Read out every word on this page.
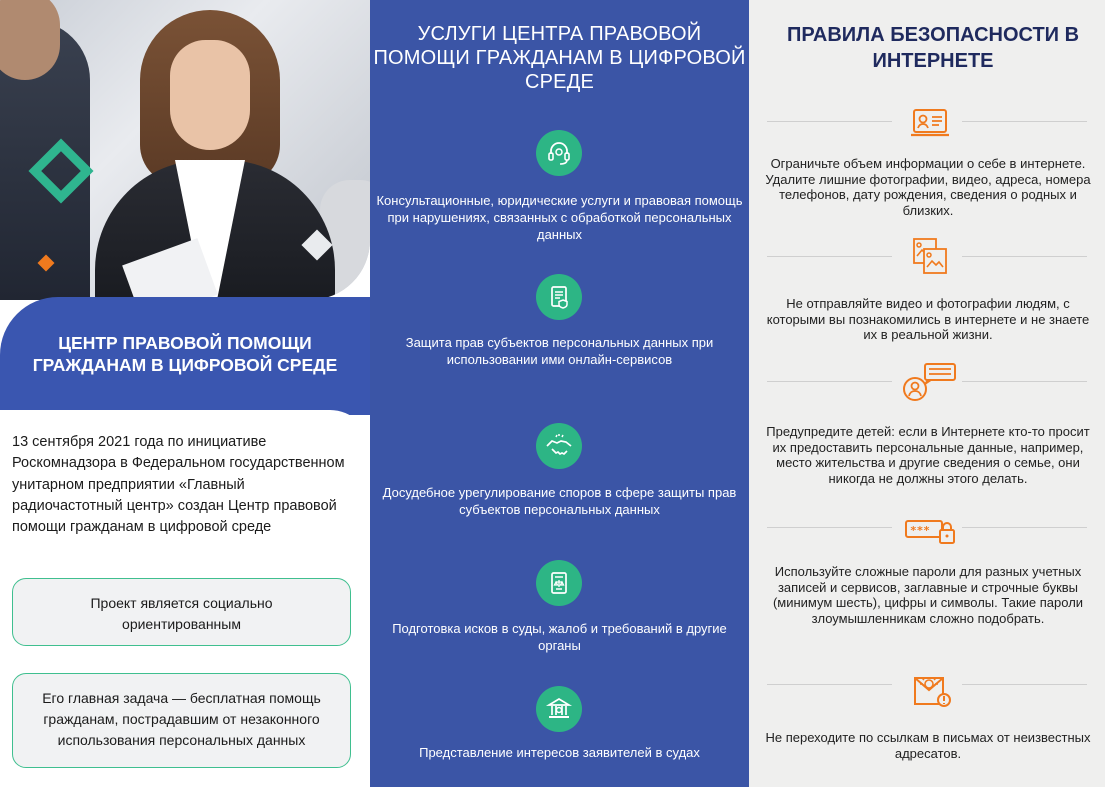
ЦЕНТР ПРАВОВОЙ ПОМОЩИ ГРАЖДАНАМ В ЦИФРОВОЙ СРЕДЕ
13 сентября 2021 года по инициативе Роскомнадзора в Федеральном государственном унитарном предприятии «Главный радиочастотный центр» создан Центр правовой помощи гражданам в цифровой среде
Проект является социально ориентированным
Его главная задача — бесплатная помощь гражданам, пострадавшим от незаконного использования персональных данных
УСЛУГИ ЦЕНТРА ПРАВОВОЙ ПОМОЩИ ГРАЖДАНАМ В ЦИФРОВОЙ СРЕДЕ
Консультационные, юридические услуги и правовая помощь при нарушениях, связанных с обработкой персональных данных
Защита прав субъектов персональных данных при использовании ими онлайн-сервисов
Досудебное урегулирование споров в сфере защиты прав субъектов персональных данных
Подготовка исков в суды, жалоб и требований в другие органы
Представление интересов заявителей в судах
ПРАВИЛА БЕЗОПАСНОСТИ В ИНТЕРНЕТЕ
Ограничьте объем информации о себе в интернете. Удалите лишние фотографии, видео, адреса, номера телефонов, дату рождения, сведения о родных и близких.
Не отправляйте видео и фотографии людям, с которыми вы познакомились в интернете и не знаете их в реальной жизни.
Предупредите детей: если в Интернете кто-то просит их предоставить персональные данные, например, место жительства и другие сведения о семье, они никогда не должны этого делать.
***
Используйте сложные пароли для разных учетных записей и сервисов, заглавные и строчные буквы (минимум шесть), цифры и символы. Такие пароли злоумышленникам сложно подобрать.
Не переходите по ссылкам в письмах от неизвестных адресатов.
